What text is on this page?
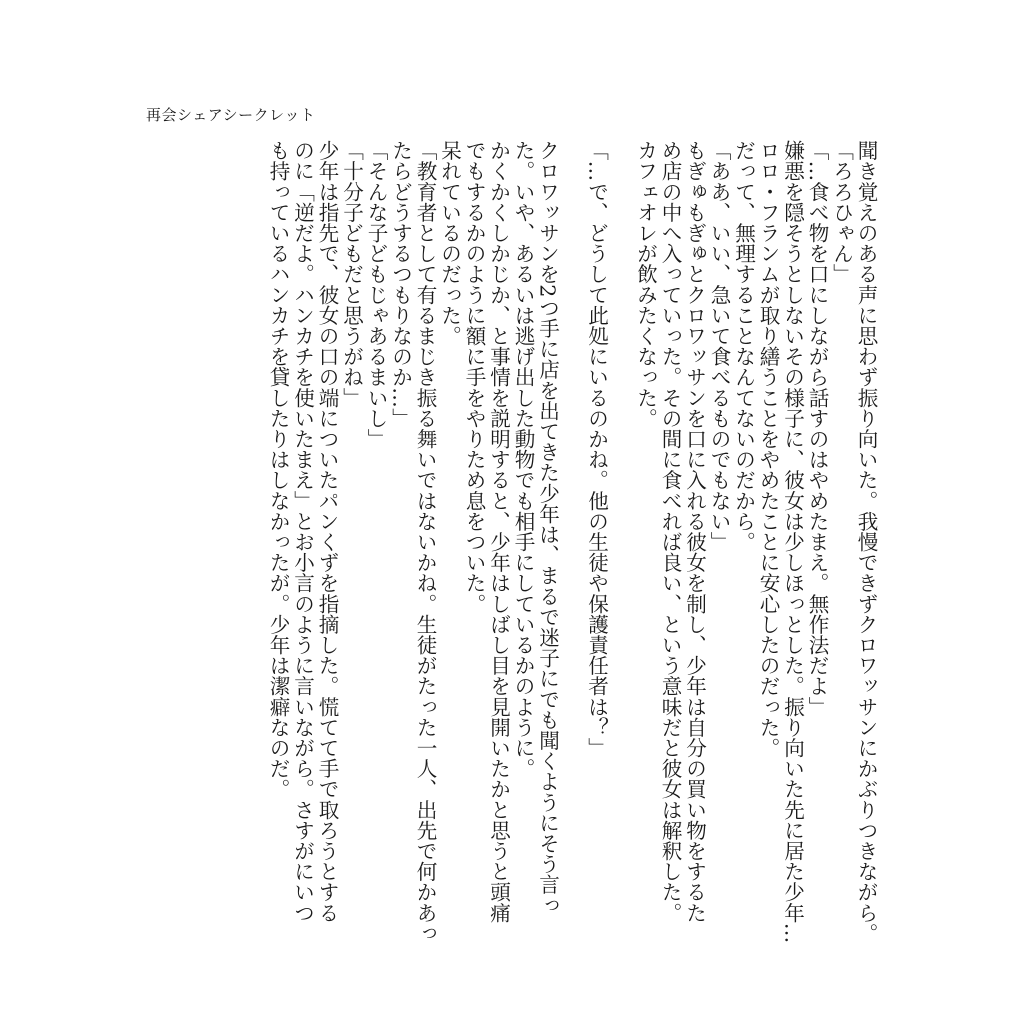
再会シェアシークレット
聞き覚えのある声に思わず振り向いた。我慢できずクロワッサンにかぶりつきながら。
「ろろひゃん」
「…食べ物を口にしながら話すのはやめたまえ。無作法だよ」
嫌悪を隠そうとしないその様子に、彼女は少しほっとした。振り向いた先に居た少年…
ロロ・フランムが取り繕うことをやめたことに安心したのだった。
だって、無理することなんてないのだから。
「ああ、いい、急いて食べるものでもない」
もぎゅもぎゅとクロワッサンを口に入れる彼女を制し、少年は自分の買い物をするた
め店の中へ入っていった。その間に食べれば良い、という意味だと彼女は解釈した。
カフェオレが飲みたくなった。
「…で、どうして此処にいるのかね。他の生徒や保護責任者は？」
クロワッサンを2つ手に店を出てきた少年は、まるで迷子にでも聞くようにそう言っ
た。いや、あるいは逃げ出した動物でも相手にしているかのように。
かくかくしかじか、と事情を説明すると、少年はしばし目を見開いたかと思うと頭痛
でもするかのように額に手をやりため息をついた。
呆れているのだった。
「教育者として有るまじき振る舞いではないかね。生徒がたった一人、出先で何かあっ
たらどうするつもりなのか…」
「そんな子どもじゃあるまいし」
「十分子どもだと思うがね」
少年は指先で、彼女の口の端についたパンくずを指摘した。慌てて手で取ろうとする
のに「逆だよ。ハンカチを使いたまえ」とお小言のように言いながら。さすがにいつ
も持っているハンカチを貸したりはしなかったが。少年は潔癖なのだ。
